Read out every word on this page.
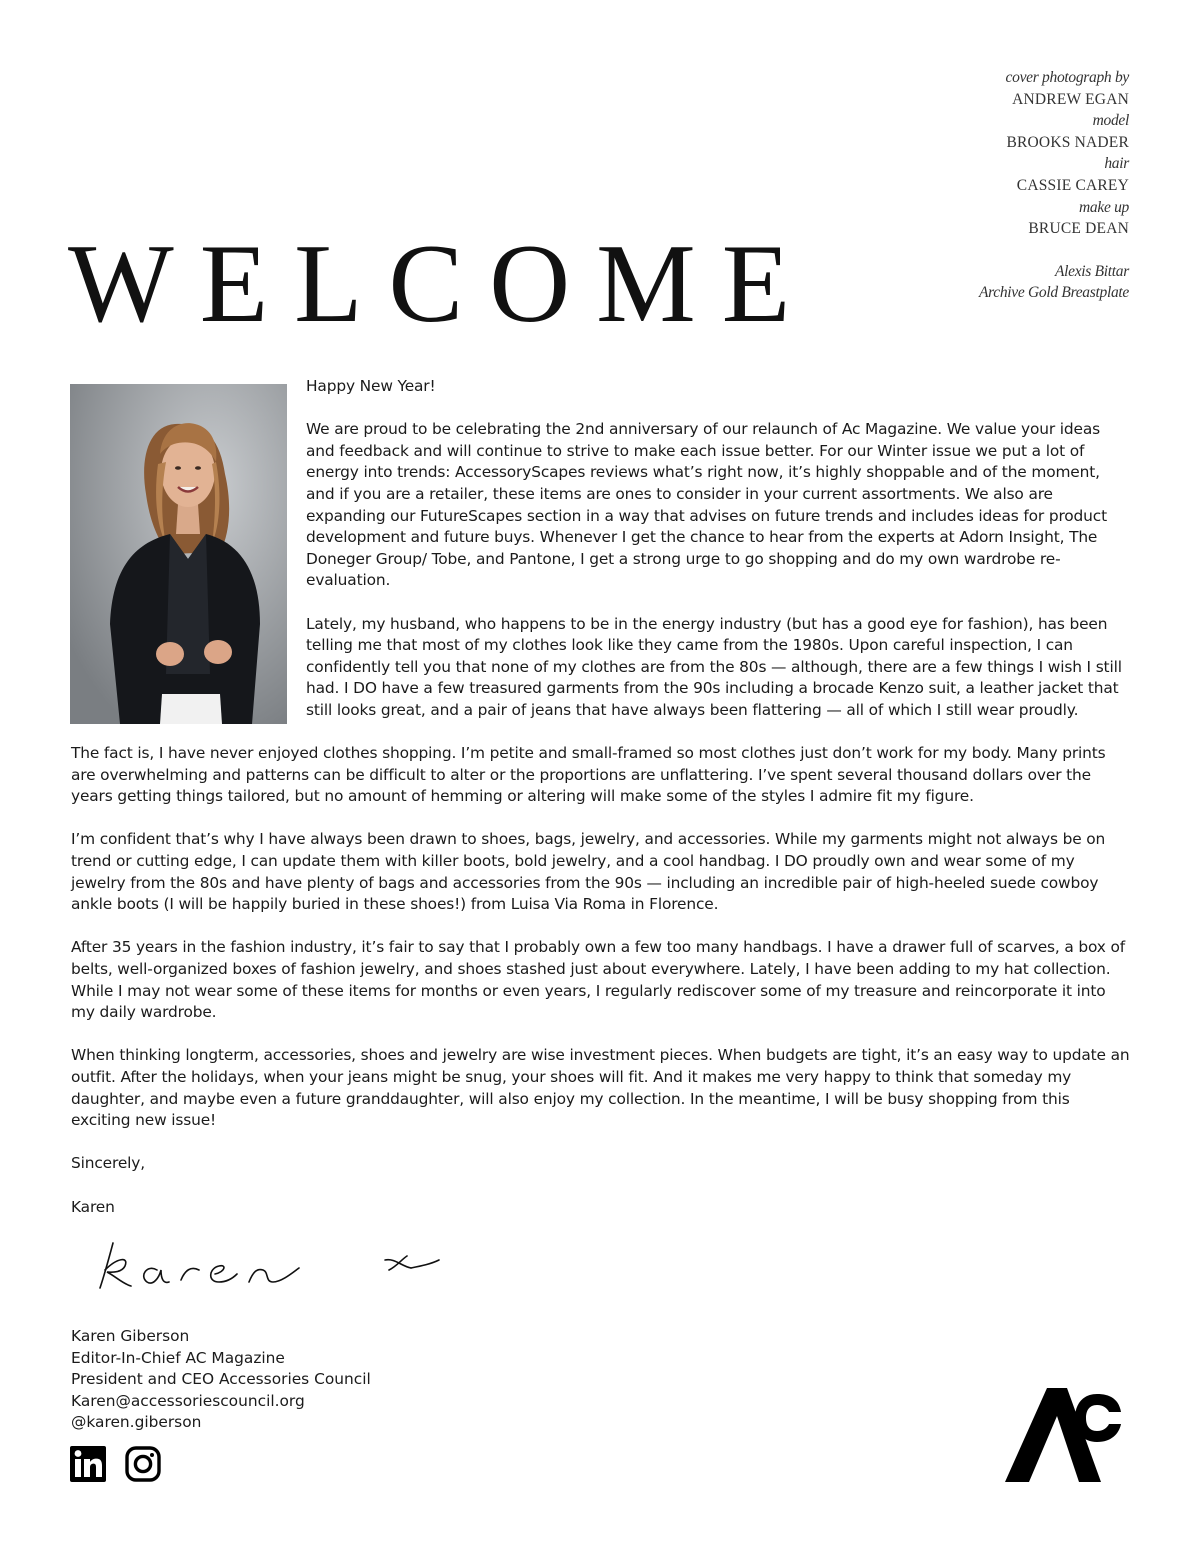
cover photograph by
ANDREW EGAN
model
BROOKS NADER
hair
CASSIE CAREY
make up
BRUCE DEAN
Alexis Bittar
Archive Gold Breastplate
WELCOME

Happy New Year!

We are proud to be celebrating the 2nd anniversary of our relaunch of Ac Magazine. We value your ideas and feedback and will continue to strive to make each issue better. For our Winter issue we put a lot of energy into trends: AccessoryScapes reviews what’s right now, it’s highly shoppable and of the moment, and if you are a retailer, these items are ones to consider in your current assortments. We also are expanding our FutureScapes section in a way that advises on future trends and includes ideas for product development and future buys. Whenever I get the chance to hear from the experts at Adorn Insight, The Doneger Group/ Tobe, and Pantone, I get a strong urge to go shopping and do my own wardrobe re-evaluation.

Lately, my husband, who happens to be in the energy industry (but has a good eye for fashion), has been telling me that most of my clothes look like they came from the 1980s. Upon careful inspection, I can confidently tell you that none of my clothes are from the 80s — although, there are a few things I wish I still had. I DO have a few treasured garments from the 90s including a brocade Kenzo suit, a leather jacket that still looks great, and a pair of jeans that have always been flattering — all of which I still wear proudly.

The fact is, I have never enjoyed clothes shopping. I’m petite and small-framed so most clothes just don’t work for my body. Many prints are overwhelming and patterns can be difficult to alter or the proportions are unflattering. I’ve spent several thousand dollars over the years getting things tailored, but no amount of hemming or altering will make some of the styles I admire fit my figure.

I’m confident that’s why I have always been drawn to shoes, bags, jewelry, and accessories. While my garments might not always be on trend or cutting edge, I can update them with killer boots, bold jewelry, and a cool handbag. I DO proudly own and wear some of my jewelry from the 80s and have plenty of bags and accessories from the 90s — including an incredible pair of high-heeled suede cowboy ankle boots (I will be happily buried in these shoes!) from Luisa Via Roma in Florence.

After 35 years in the fashion industry, it’s fair to say that I probably own a few too many handbags. I have a drawer full of scarves, a box of belts, well-organized boxes of fashion jewelry, and shoes stashed just about everywhere. Lately, I have been adding to my hat collection. While I may not wear some of these items for months or even years, I regularly rediscover some of my treasure and reincorporate it into my daily wardrobe.

When thinking longterm, accessories, shoes and jewelry are wise investment pieces. When budgets are tight, it’s an easy way to update an outfit. After the holidays, when your jeans might be snug, your shoes will fit. And it makes me very happy to think that someday my daughter, and maybe even a future granddaughter, will also enjoy my collection. In the meantime, I will be busy shopping from this exciting new issue!

Sincerely,

Karen

Karen Giberson
Editor-In-Chief AC Magazine
President and CEO Accessories Council
Karen@accessoriescouncil.org
@karen.giberson
